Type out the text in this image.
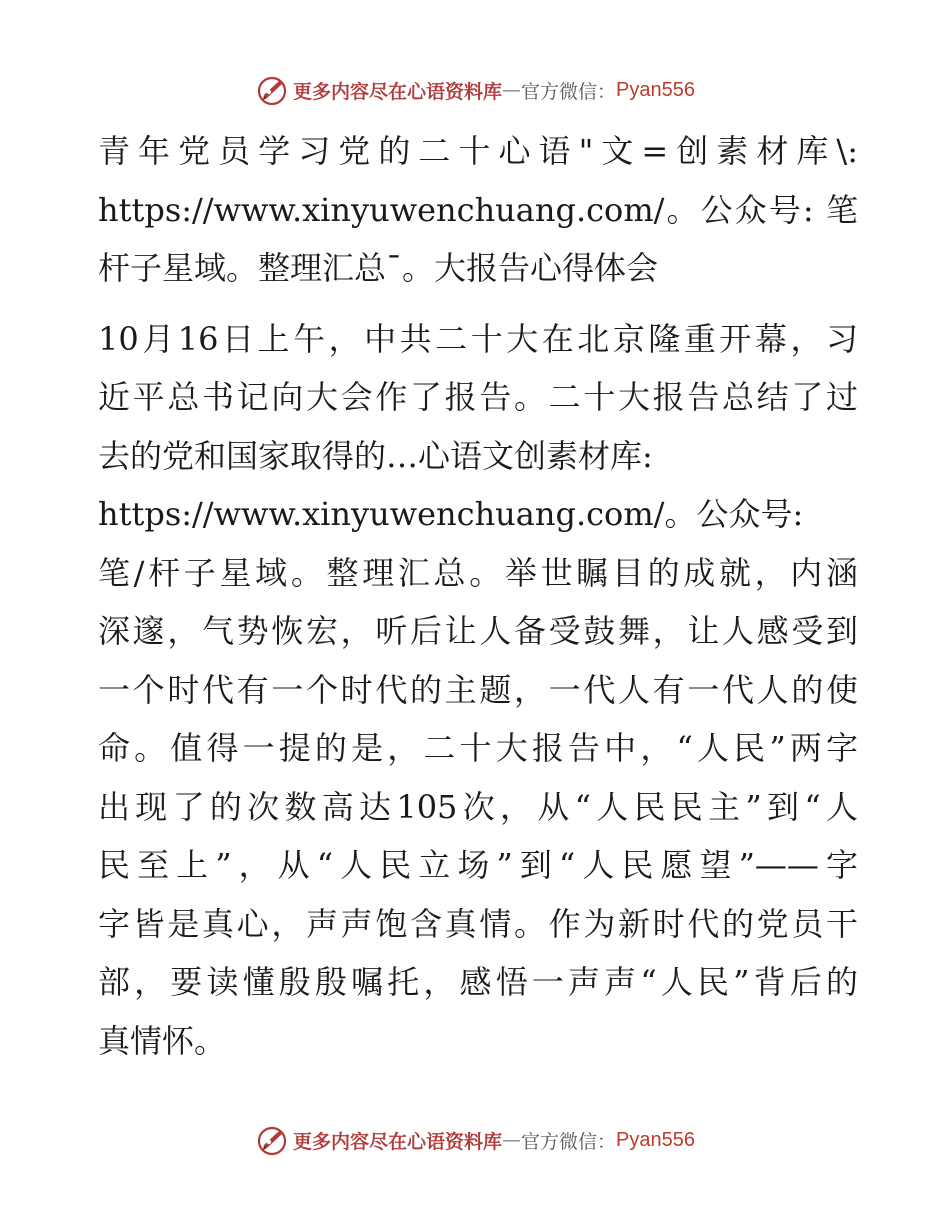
更多内容尽在心语资料库 — 官方微信： Pyan556

青年党员学习党的二十心语"文=创素材库\:
https://www.xinyuwenchuang.com/。公众号: 笔
杆子星域。整理汇总¯。大报告心得体会

10月16日上午，中共二十大在北京隆重开幕，习
近平总书记向大会作了报告。二十大报告总结了过
去的党和国家取得的…心语文创素材库:
https://www.xinyuwenchuang.com/。公众号:
笔/杆子星域。整理汇总。举世瞩目的成就，内涵
深邃，气势恢宏，听后让人备受鼓舞，让人感受到
一个时代有一个时代的主题，一代人有一代人的使
命。值得一提的是，二十大报告中，“人民”两字
出现了的次数高达105次，从“人民民主”到“人
民至上”，从“人民立场”到“人民愿望”——字
字皆是真心，声声饱含真情。作为新时代的党员干
部，要读懂殷殷嘱托，感悟一声声“人民”背后的
真情怀。

更多内容尽在心语资料库 — 官方微信： Pyan556
